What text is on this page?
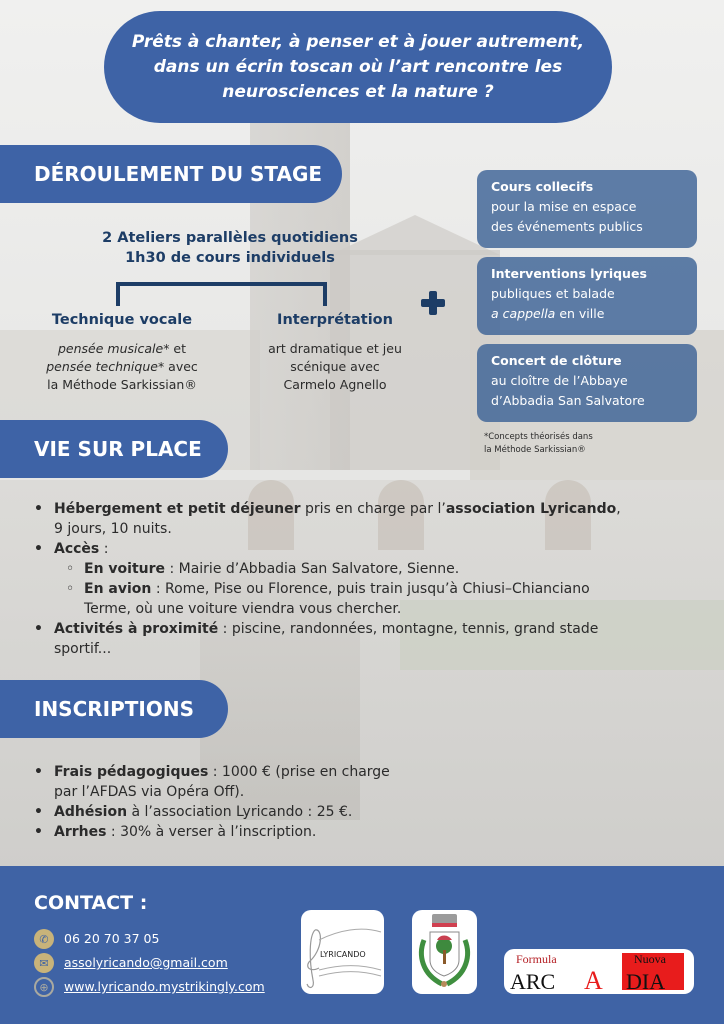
Prêts à chanter, à penser et à jouer autrement,
dans un écrin toscan où l’art rencontre les
neurosciences et la nature ?
DÉROULEMENT DU STAGE
2 Ateliers parallèles quotidiens
1h30 de cours individuels
Technique vocale
pensée musicale* et
pensée technique* avec
la Méthode Sarkissian®
Interprétation
art dramatique et jeu
scénique avec
Carmelo Agnello
Cours collecifs
pour la mise en espace
des événements publics
Interventions lyriques
publiques et balade
a cappella en ville
Concert de clôture
au cloître de l’Abbaye
d’Abbadia San Salvatore
*Concepts théorisés dans
la Méthode Sarkissian®
VIE SUR PLACE
• Hébergement et petit déjeuner pris en charge par l’association Lyricando,
9 jours, 10 nuits.
• Accès :
◦ En voiture : Mairie d’Abbadia San Salvatore, Sienne.
◦ En avion : Rome, Pise ou Florence, puis train jusqu’à Chiusi–Chianciano
Terme, où une voiture viendra vous chercher.
• Activités à proximité : piscine, randonnées, montagne, tennis, grand stade
sportif...
INSCRIPTIONS
• Frais pédagogiques : 1000 € (prise en charge
par l’AFDAS via Opéra Off).
• Adhésion à l’association Lyricando : 25 €.
• Arrhes : 30% à verser à l’inscription.
CONTACT :
✆	06 20 70 37 05
✉	assolyricando@gmail.com
⊕	www.lyricando.mystrikingly.com
LYRICANDO	Formula	Nuova
ARC A DIA
